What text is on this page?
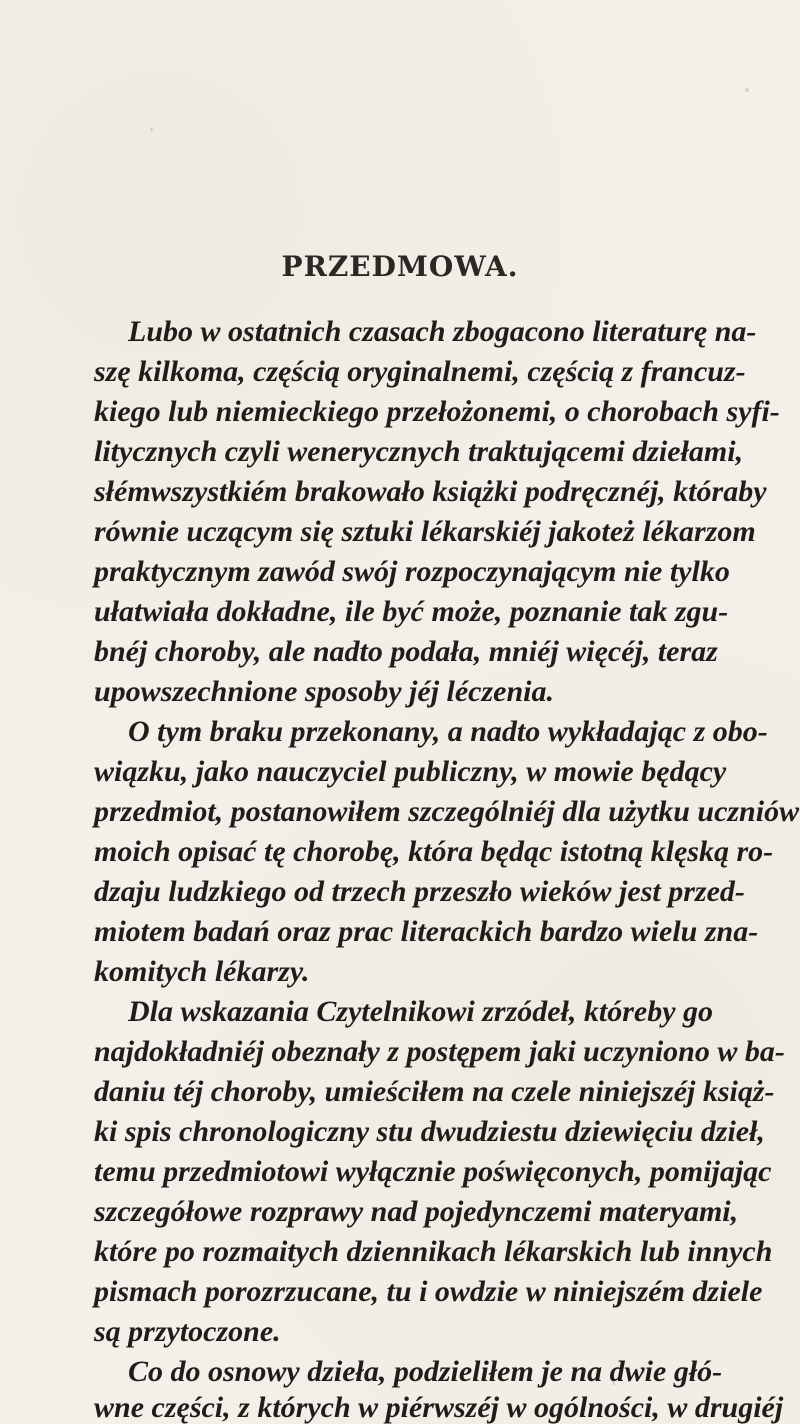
PRZEDMOWA.
Lubo w ostatnich czasach zbogacono literaturę na-
szę kilkoma, częścią oryginalnemi, częścią z francuz-
kiego lub niemieckiego przełożonemi, o chorobach syfi-
litycznych czyli wenerycznych traktującemi dziełami,
słémwszystkiém brakowało książki podręcznéj, któraby
równie uczącym się sztuki lékarskiéj jakoteż lékarzom
praktycznym zawód swój rozpoczynającym nie tylko
ułatwiała dokładne, ile być może, poznanie tak zgu-
bnéj choroby, ale nadto podała, mniéj więcéj, teraz
upowszechnione sposoby jéj léczenia.
O tym braku przekonany, a nadto wykładając z obo-
wiązku, jako nauczyciel publiczny, w mowie będący
przedmiot, postanowiłem szczególniéj dla użytku uczniów
moich opisać tę chorobę, która będąc istotną klęską ro-
dzaju ludzkiego od trzech przeszło wieków jest przed-
miotem badań oraz prac literackich bardzo wielu zna-
komitych lékarzy.
Dla wskazania Czytelnikowi zrzódeł, któreby go
najdokładniéj obeznały z postępem jaki uczyniono w ba-
daniu téj choroby, umieściłem na czele niniejszéj książ-
ki spis chronologiczny stu dwudziestu dziewięciu dzieł,
temu przedmiotowi wyłącznie poświęconych, pomijając
szczegółowe rozprawy nad pojedynczemi materyami,
które po rozmaitych dziennikach lékarskich lub innych
pismach porozrzucane, tu i owdzie w niniejszém dziele
są przytoczone.
Co do osnowy dzieła, podzieliłem je na dwie głó-
wne części, z których w piérwszéj w ogólności, w drugiéj
